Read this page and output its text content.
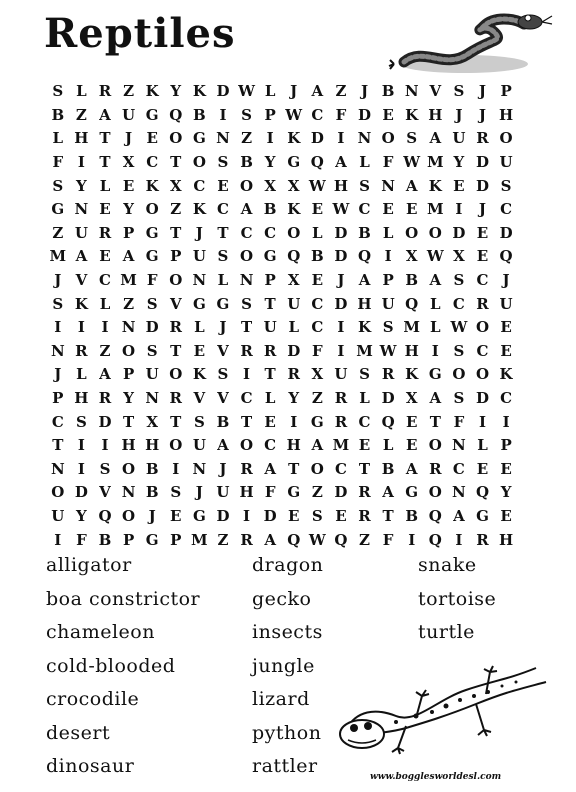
Reptiles
S L R Z K Y K D W L J A Z J B N V S J P
B Z A U G Q B I S P W C F D E K H J	J H
L H T J E O G N Z I K D I N O S A U R O
F I T X C T O S B Y G Q A L F W M Y D U
S Y L E K X C E O X X W H S N A K E D S
G N E Y O Z K C A B K E W C E E M I	J C
Z U R P G T J T C C O L D B L O O D E D
M A E A G P U S O G Q B D Q I X W X E Q
J V C M F O N L N P X E J A P B A S C J
S K L Z S V G G S T U C D H U Q L C R U
I	I	I N D R L J T U L C I K S M L W O E
N R Z O S T E V R R D F I M W H I S C E
J L A P U O K S I T R X U S R K G O O K
P H R Y N R V V C L Y Z R L D X A S D C
C S D T X T S B T E I G R C Q E T F I	I
T I	I H H O U A O C H A M E L E O N L P
N I S O B I N J R A T O C T B A R C E E
O D V N B S J U H F G Z D R A G O N Q Y
U Y Q O J E G D I D E S E R T B Q A G E
I F B P G P M Z R A Q W Q Z F I Q I R H
alligator
boa constrictor
chameleon
cold-blooded
crocodile
desert
dinosaur
dragon
gecko
insects
jungle
lizard
python
rattler
snake
tortoise
turtle
www.bogglesworldesl.com
